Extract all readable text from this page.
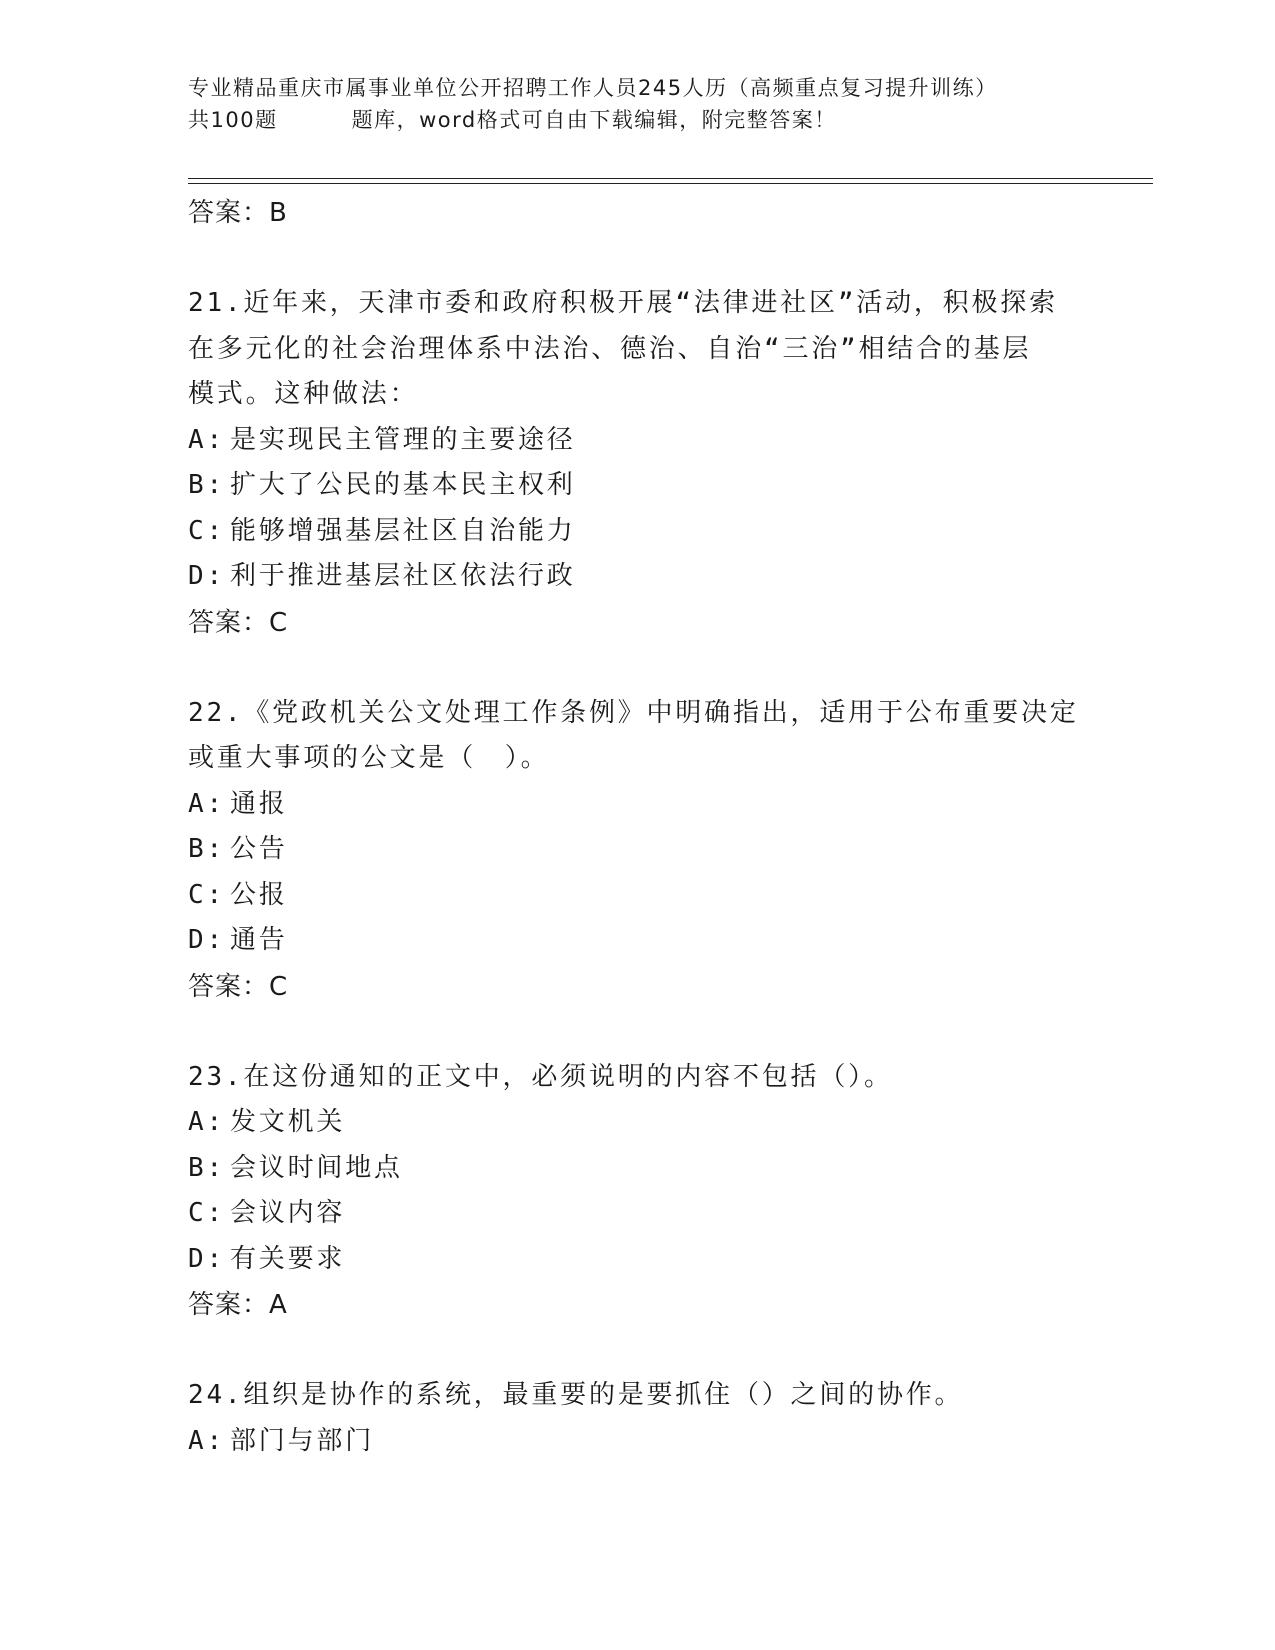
专业精品重庆市属事业单位公开招聘工作人员245人历（高频重点复习提升训练）
共100题	题库，word格式可自由下载编辑，附完整答案！
答案：B
21.近年来，天津市委和政府积极开展“法律进社区”活动，积极探索
在多元化的社会治理体系中法治、德治、自治“三治”相结合的基层
模式。这种做法：
A: 是实现民主管理的主要途径
B: 扩大了公民的基本民主权利
C: 能够增强基层社区自治能力
D: 利于推进基层社区依法行政
答案：C
22.《党政机关公文处理工作条例》中明确指出，适用于公布重要决定
或重大事项的公文是（　）。
A: 通报
B: 公告
C: 公报
D: 通告
答案：C
23.在这份通知的正文中，必须说明的内容不包括（）。
A: 发文机关
B: 会议时间地点
C: 会议内容
D: 有关要求
答案：A
24.组织是协作的系统，最重要的是要抓住（）之间的协作。
A: 部门与部门
